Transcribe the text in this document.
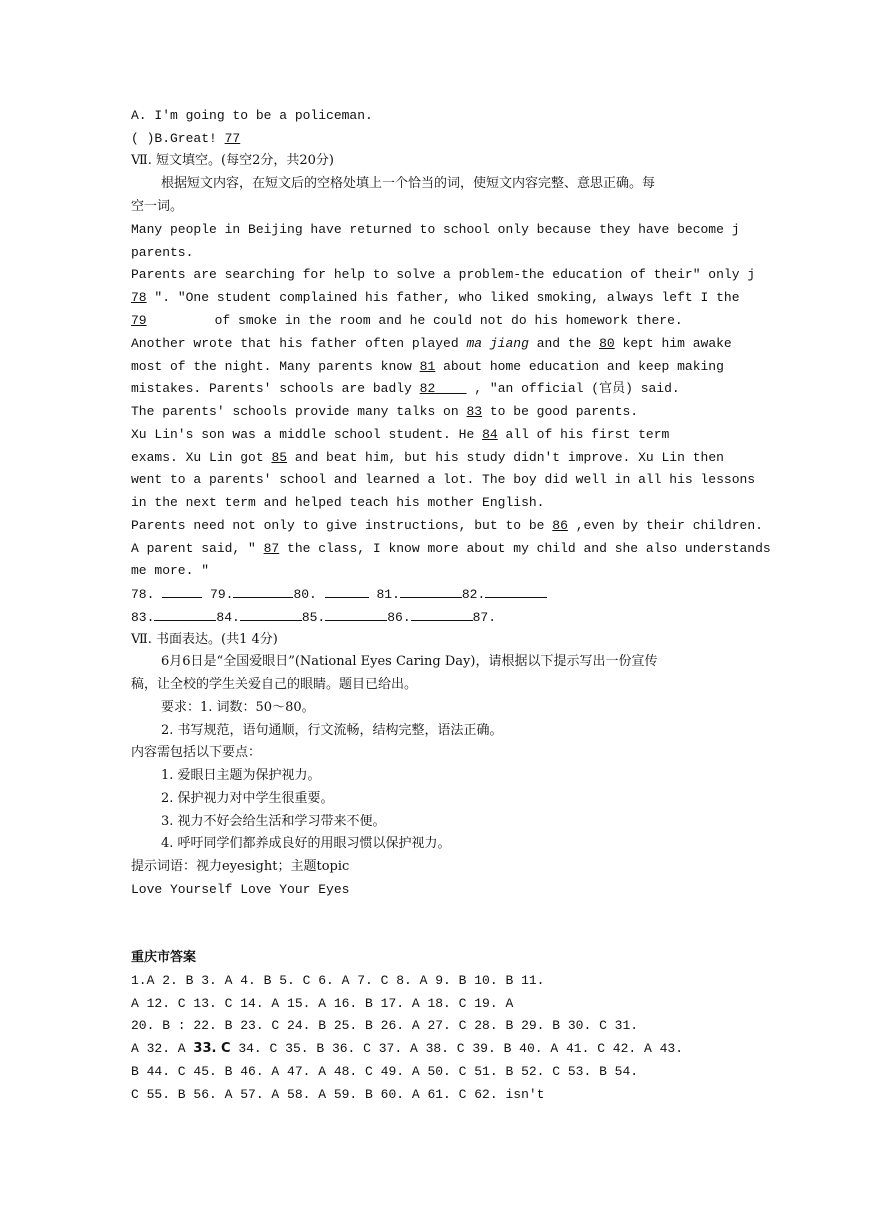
A. I'm going to be a policeman.
( )B.Great! 77
Ⅶ. 短文填空。(每空2分，共20分)
根据短文内容，在短文后的空格处填上一个恰当的词，使短文内容完整、意思正确。每
空一词。
Many people in Beijing have returned to school only because they have become j
parents.
Parents are searching for help to solve a problem-the education of their" only j
78 ". "One student complained his father, who liked smoking, always left I the
79	of smoke in the room and he could not do his homework there.
Another wrote that his father often played ma jiang and the 80 kept him awake
most of the night. Many parents know 81 about home education and keep making
mistakes. Parents' schools are badly 82     , "an official (官员) said.
The parents' schools provide many talks on 83 to be good parents.
Xu Lin's son was a middle school student. He 84 all of his first term
exams. Xu Lin got 85 and beat him, but his study didn't improve. Xu Lin then
went to a parents' school and learned a lot. The boy did well in all his lessons
in the next term and helped teach his mother English.
Parents need not only to give instructions, but to be 86 ,even by their children.
A parent said, " 87 the class, I know more about my child and she also understands
me more. "
78.	79.	80.	81.	82.
83.	84.	85.	86.	87.
Ⅶ. 书面表达。(共1 4分)
6月6日是“全国爱眼日”(National Eyes Caring Day)，请根据以下提示写出一份宣传
稿，让全校的学生关爱自己的眼睛。题目已给出。
要求：1. 词数：50～80。
2. 书写规范，语句通顺，行文流畅，结构完整，语法正确。
内容需包括以下要点：
1. 爱眼日主题为保护视力。
2. 保护视力对中学生很重要。
3. 视力不好会给生活和学习带来不便。
4. 呼吁同学们都养成良好的用眼习惯以保护视力。
提示词语：视力eyesight；主题topic
Love Yourself Love Your Eyes
重庆市答案
1.A 2. B 3. A 4. B 5. C 6. A 7. C 8. A 9. B 10. B 11.
A 12. C 13. C 14. A 15. A 16. B 17. A 18. C 19. A
20. B : 22. B 23. C 24. B 25. B 26. A 27. C 28. B 29. B 30. C 31.
A 32. A 33. C 34. C 35. B 36. C 37. A 38. C 39. B 40. A 41. C 42. A 43.
B 44. C 45. B 46. A 47. A 48. C 49. A 50. C 51. B 52. C 53. B 54.
C 55. B 56. A 57. A 58. A 59. B 60. A 61. C 62. isn't
